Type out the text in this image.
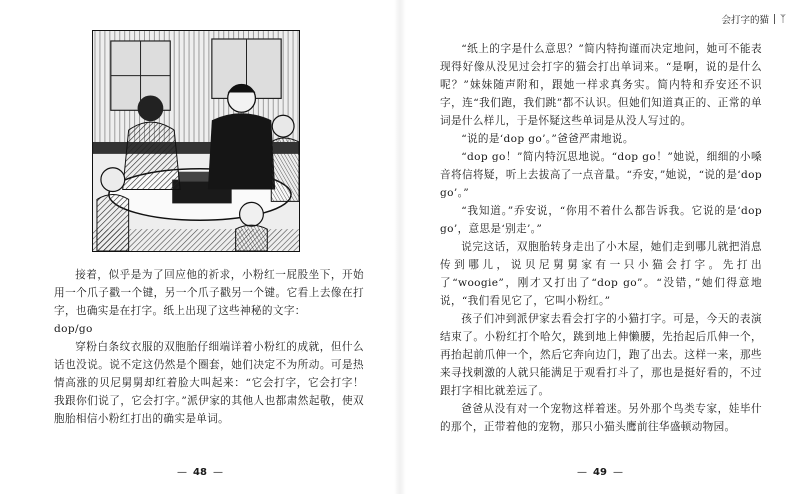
接着，似乎是为了回应他的祈求，小粉红一屁股坐下，开始用一个爪子戳一个键，另一个爪子戳另一个键。它看上去像在打字，也确实是在打字。纸上出现了这些神秘的文字：

dop/go

穿粉白条纹衣服的双胞胎仔细端详着小粉红的成就，但什么话也没说。说不定这仍然是个圈套，她们决定不为所动。可是热情高涨的贝尼舅舅却红着脸大叫起来：“它会打字，它会打字！我跟你们说了，它会打字。”派伊家的其他人也都肃然起敬，使双胞胎相信小粉红打出的确实是单词。

— 48 —
会打字的猫 ᛉ

“纸上的字是什么意思？”简内特拘谨而决定地问，她可不能表现得好像从没见过会打字的猫会打出单词来。“是啊，说的是什么呢？”妹妹随声附和，跟她一样求真务实。简内特和乔安还不识字，连“我们跑，我们跳”都不认识。但她们知道真正的、正常的单词是什么样儿，于是怀疑这些单词是从没人写过的。

“说的是‘dop go’。”爸爸严肃地说。

“dop go！”简内特沉思地说。“dop go！”她说，细细的小嗓音将信将疑，听上去拔高了一点音量。“乔安，”她说，“说的是‘dop go’。”

“我知道。”乔安说，“你用不着什么都告诉我。它说的是‘dop go’，意思是‘别走’。”

说完这话，双胞胎转身走出了小木屋，她们走到哪儿就把消息传到哪儿，说贝尼舅舅家有一只小猫会打字。先打出了“woogie”，刚才又打出了“dop go”。“没错，”她们得意地说，“我们看见它了，它叫小粉红。”

孩子们冲到派伊家去看会打字的小猫打字。可是，今天的表演结束了。小粉红打个哈欠，跳到地上伸懒腰，先抬起后爪伸一个，再抬起前爪伸一个，然后它奔向边门，跑了出去。这样一来，那些来寻找刺激的人就只能满足于观看打斗了，那也是挺好看的，不过跟打字相比就差远了。

爸爸从没有对一个宠物这样着迷。另外那个鸟类专家，娃毕什的那个，正带着他的宠物，那只小猫头鹰前往华盛顿动物园。

— 49 —
